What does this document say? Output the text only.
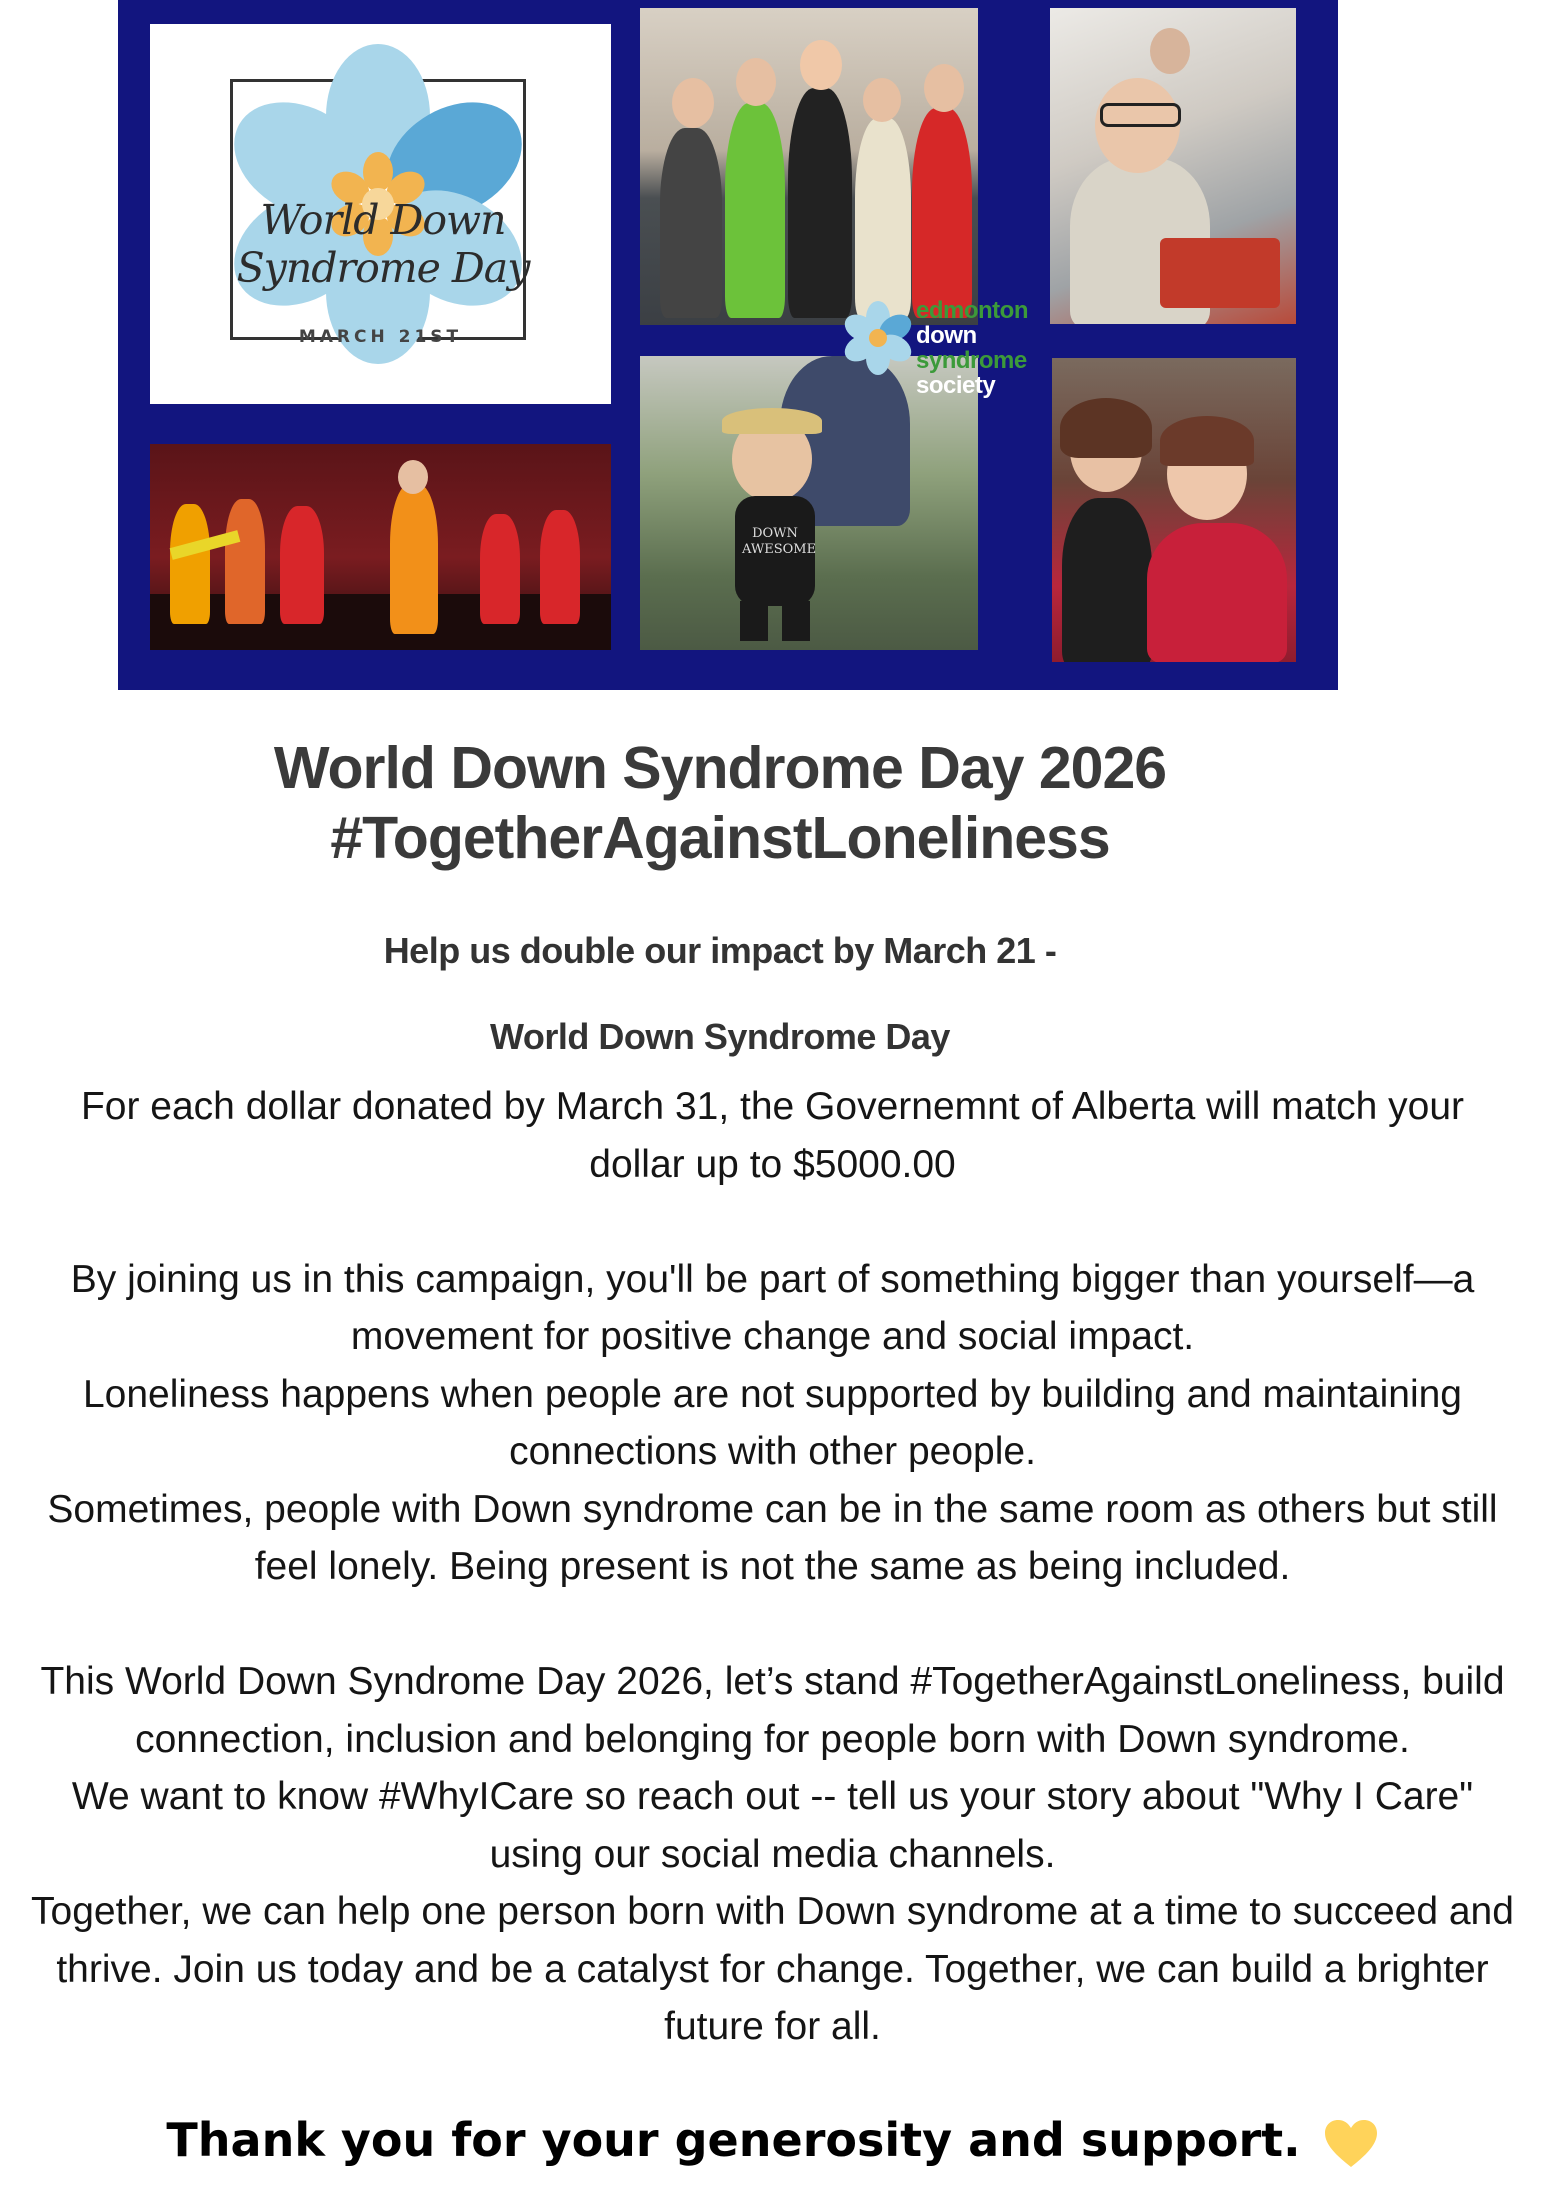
World Down Syndrome Day
MARCH 21ST
DOWN AWESOME
edmonton
down syndrome
society
World Down Syndrome Day 2026
#TogetherAgainstLoneliness
Help us double our impact by March 21 -
World Down Syndrome Day

For each dollar donated by March 31, the Governemnt of Alberta will match your dollar up to $5000.00

By joining us in this campaign, you'll be part of something bigger than yourself—a movement for positive change and social impact.

Loneliness happens when people are not supported by building and maintaining connections with other people.

Sometimes, people with Down syndrome can be in the same room as others but still feel lonely. Being present is not the same as being included.

This World Down Syndrome Day 2026, let’s stand #TogetherAgainstLoneliness, build connection, inclusion and belonging for people born with Down syndrome.

We want to know #WhyICare so reach out -- tell us your story about "Why I Care" using our social media channels.

Together, we can help one person born with Down syndrome at a time to succeed and thrive. Join us today and be a catalyst for change. Together, we can build a brighter future for all.

Thank you for your generosity and support.
